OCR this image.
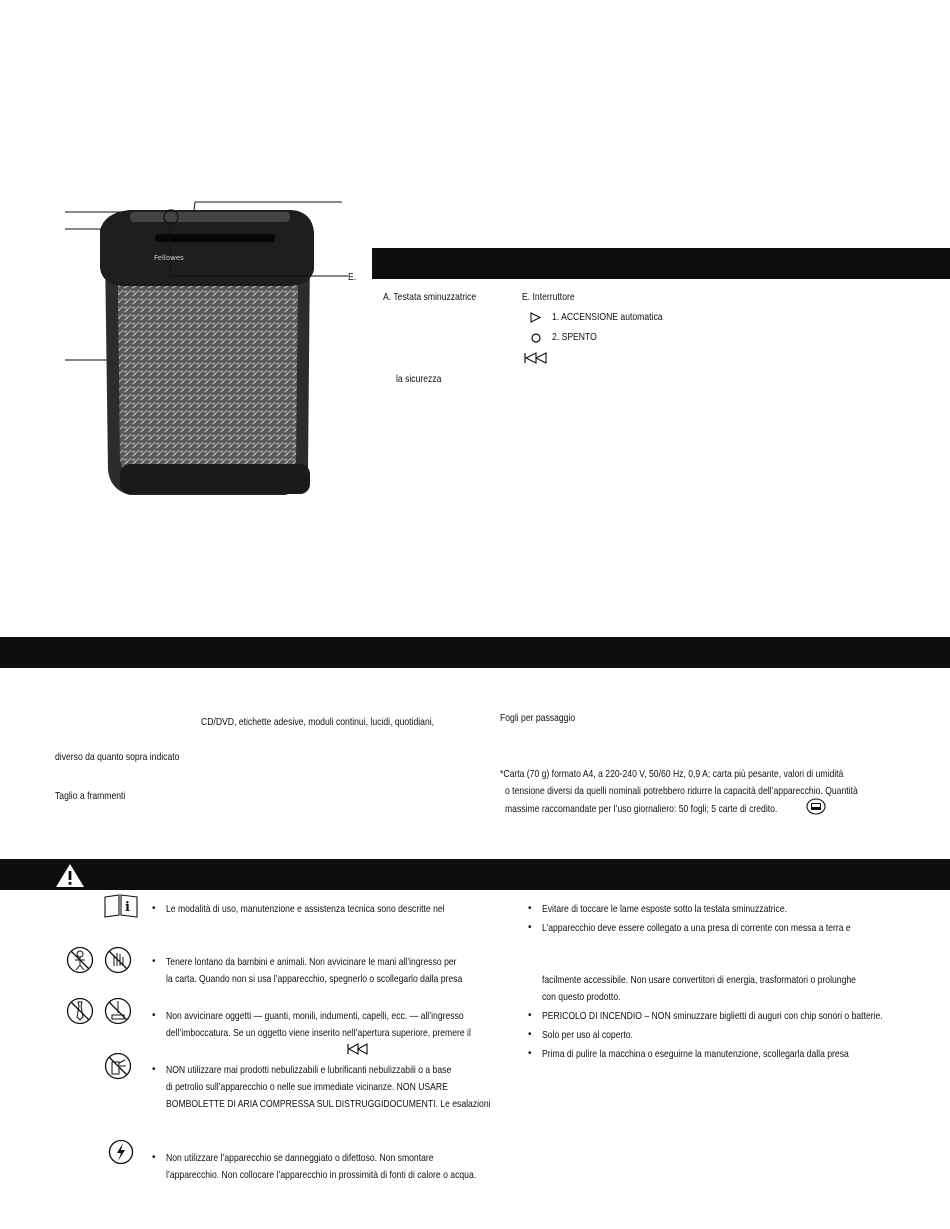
Fellowes
E.
A. Testata sminuzzatrice	E. Interruttore
1. ACCENSIONE automatica
2. SPENTO
la sicurezza
CD/DVD, etichette adesive, moduli continui, lucidi, quotidiani,
diverso da quanto sopra indicato
Taglio a frammenti
Fogli per passaggio
*Carta (70 g) formato A4, a 220-240 V, 50/60 Hz, 0,9 A; carta più pesante, valori di umidità
o tensione diversi da quelli nominali potrebbero ridurre la capacità dell’apparecchio. Quantità
massime raccomandate per l’uso giornaliero: 50 fogli; 5 carte di credito.
i • Le modalità di uso, manutenzione e assistenza tecnica sono descritte nel
• Tenere lontano da bambini e animali. Non avvicinare le mani all’ingresso per
la carta. Quando non si usa l’apparecchio, spegnerlo o scollegarlo dalla presa
• Non avvicinare oggetti — guanti, monili, indumenti, capelli, ecc. — all’ingresso
dell’imboccatura. Se un oggetto viene inserito nell’apertura superiore, premere il
• NON utilizzare mai prodotti nebulizzabili e lubrificanti nebulizzabili o a base
di petrolio sull’apparecchio o nelle sue immediate vicinanze. NON USARE
BOMBOLETTE DI ARIA COMPRESSA SUL DISTRUGGIDOCUMENTI. Le esalazioni
• Non utilizzare l’apparecchio se danneggiato o difettoso. Non smontare
l’apparecchio. Non collocare l’apparecchio in prossimità di fonti di calore o acqua.
• Evitare di toccare le lame esposte sotto la testata sminuzzatrice.
• L’apparecchio deve essere collegato a una presa di corrente con messa a terra e
facilmente accessibile. Non usare convertitori di energia, trasformatori o prolunghe
con questo prodotto.
• PERICOLO DI INCENDIO – NON sminuzzare biglietti di auguri con chip sonori o batterie.
• Solo per uso al coperto.
• Prima di pulire la macchina o eseguirne la manutenzione, scollegarla dalla presa
